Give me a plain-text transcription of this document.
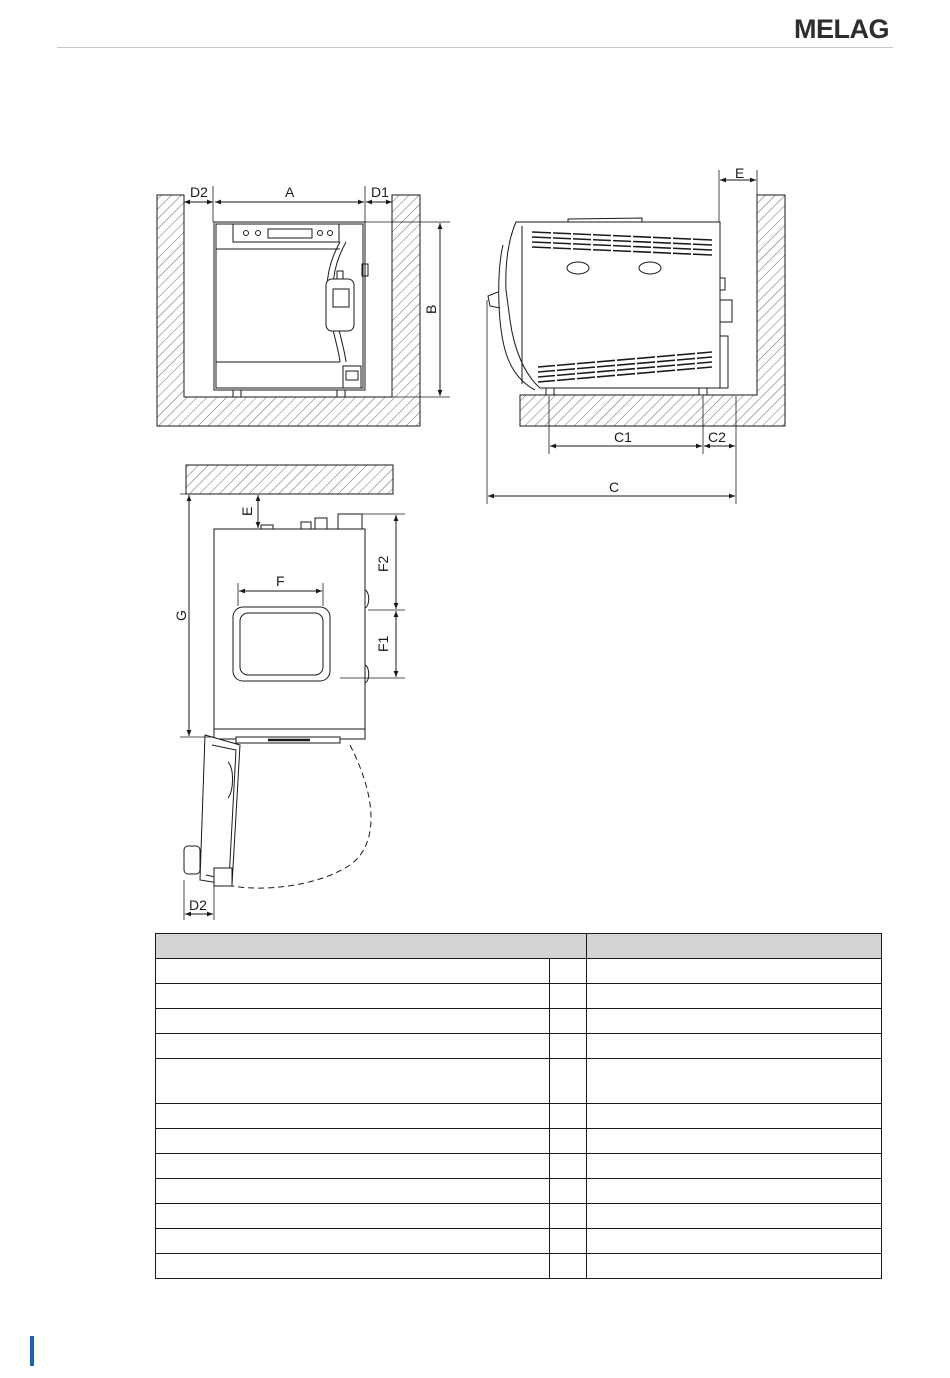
MELAG
D2	A	D1
B
E
C1	C2
C
E
F
F2
F1
G
D2
